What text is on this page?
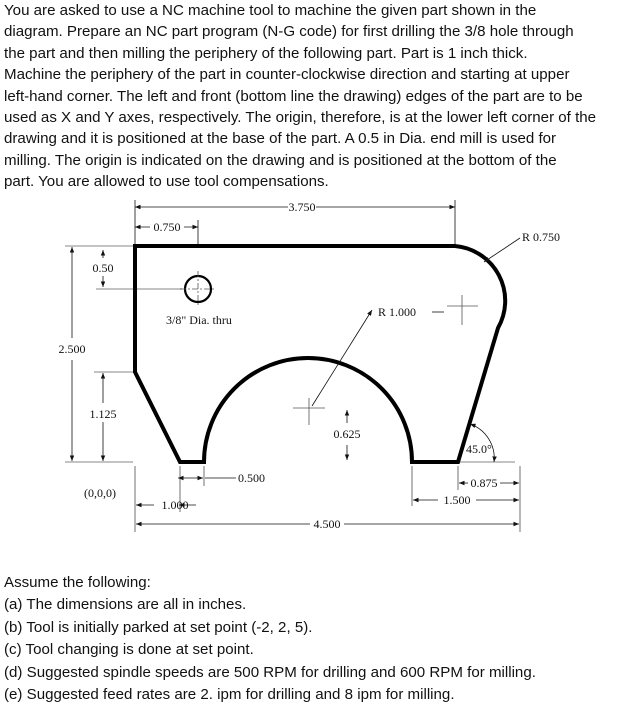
You are asked to use a NC machine tool to machine the given part shown in the
diagram. Prepare an NC part program (N-G code) for first drilling the 3/8 hole through
the part and then milling the periphery of the following part. Part is 1 inch thick.
Machine the periphery of the part in counter-clockwise direction and starting at upper
left-hand corner. The left and front (bottom line the drawing) edges of the part are to be
used as X and Y axes, respectively. The origin, therefore, is at the lower left corner of the
drawing and it is positioned at the base of the part. A 0.5 in Dia. end mill is used for
milling. The origin is indicated on the drawing and is positioned at the bottom of the
part. You are allowed to use tool compensations.
3.750
0.750
R 0.750
0.50
3/8" Dia. thru
R 1.000
2.500
1.125
0.625
45.0°
(0,0,0)
0.500
1.000
0.875
1.500
4.500
Assume the following:
(a) The dimensions are all in inches.
(b) Tool is initially parked at set point (-2, 2, 5).
(c) Tool changing is done at set point.
(d) Suggested spindle speeds are 500 RPM for drilling and 600 RPM for milling.
(e) Suggested feed rates are 2. ipm for drilling and 8 ipm for milling.
